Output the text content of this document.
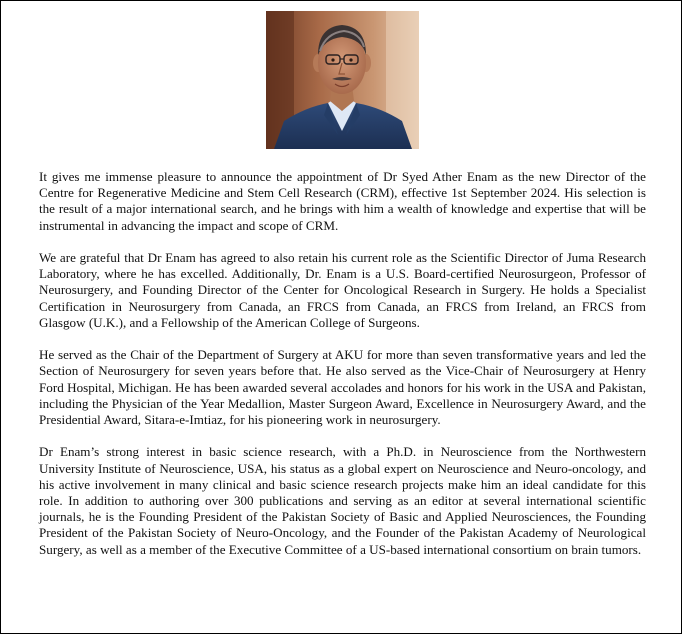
It gives me immense pleasure to announce the appointment of Dr Syed Ather Enam as the new Director of the Centre for Regenerative Medicine and Stem Cell Research (CRM), effective 1st September 2024. His selection is the result of a major international search, and he brings with him a wealth of knowledge and expertise that will be instrumental in advancing the impact and scope of CRM.

We are grateful that Dr Enam has agreed to also retain his current role as the Scientific Director of Juma Research Laboratory, where he has excelled. Additionally, Dr. Enam is a U.S. Board-certified Neurosurgeon, Professor of Neurosurgery, and Founding Director of the Center for Oncological Research in Surgery. He holds a Specialist Certification in Neurosurgery from Canada, an FRCS from Canada, an FRCS from Ireland, an FRCS from Glasgow (U.K.), and a Fellowship of the American College of Surgeons.

He served as the Chair of the Department of Surgery at AKU for more than seven transformative years and led the Section of Neurosurgery for seven years before that. He also served as the Vice-Chair of Neurosurgery at Henry Ford Hospital, Michigan. He has been awarded several accolades and honors for his work in the USA and Pakistan, including the Physician of the Year Medallion, Master Surgeon Award, Excellence in Neurosurgery Award, and the Presidential Award, Sitara-e-Imtiaz, for his pioneering work in neurosurgery.

Dr Enam’s strong interest in basic science research, with a Ph.D. in Neuroscience from the Northwestern University Institute of Neuroscience, USA, his status as a global expert on Neuroscience and Neuro-oncology, and his active involvement in many clinical and basic science research projects make him an ideal candidate for this role. In addition to authoring over 300 publications and serving as an editor at several international scientific journals, he is the Founding President of the Pakistan Society of Basic and Applied Neurosciences, the Founding President of the Pakistan Society of Neuro-Oncology, and the Founder of the Pakistan Academy of Neurological Surgery, as well as a member of the Executive Committee of a US-based international consortium on brain tumors.
